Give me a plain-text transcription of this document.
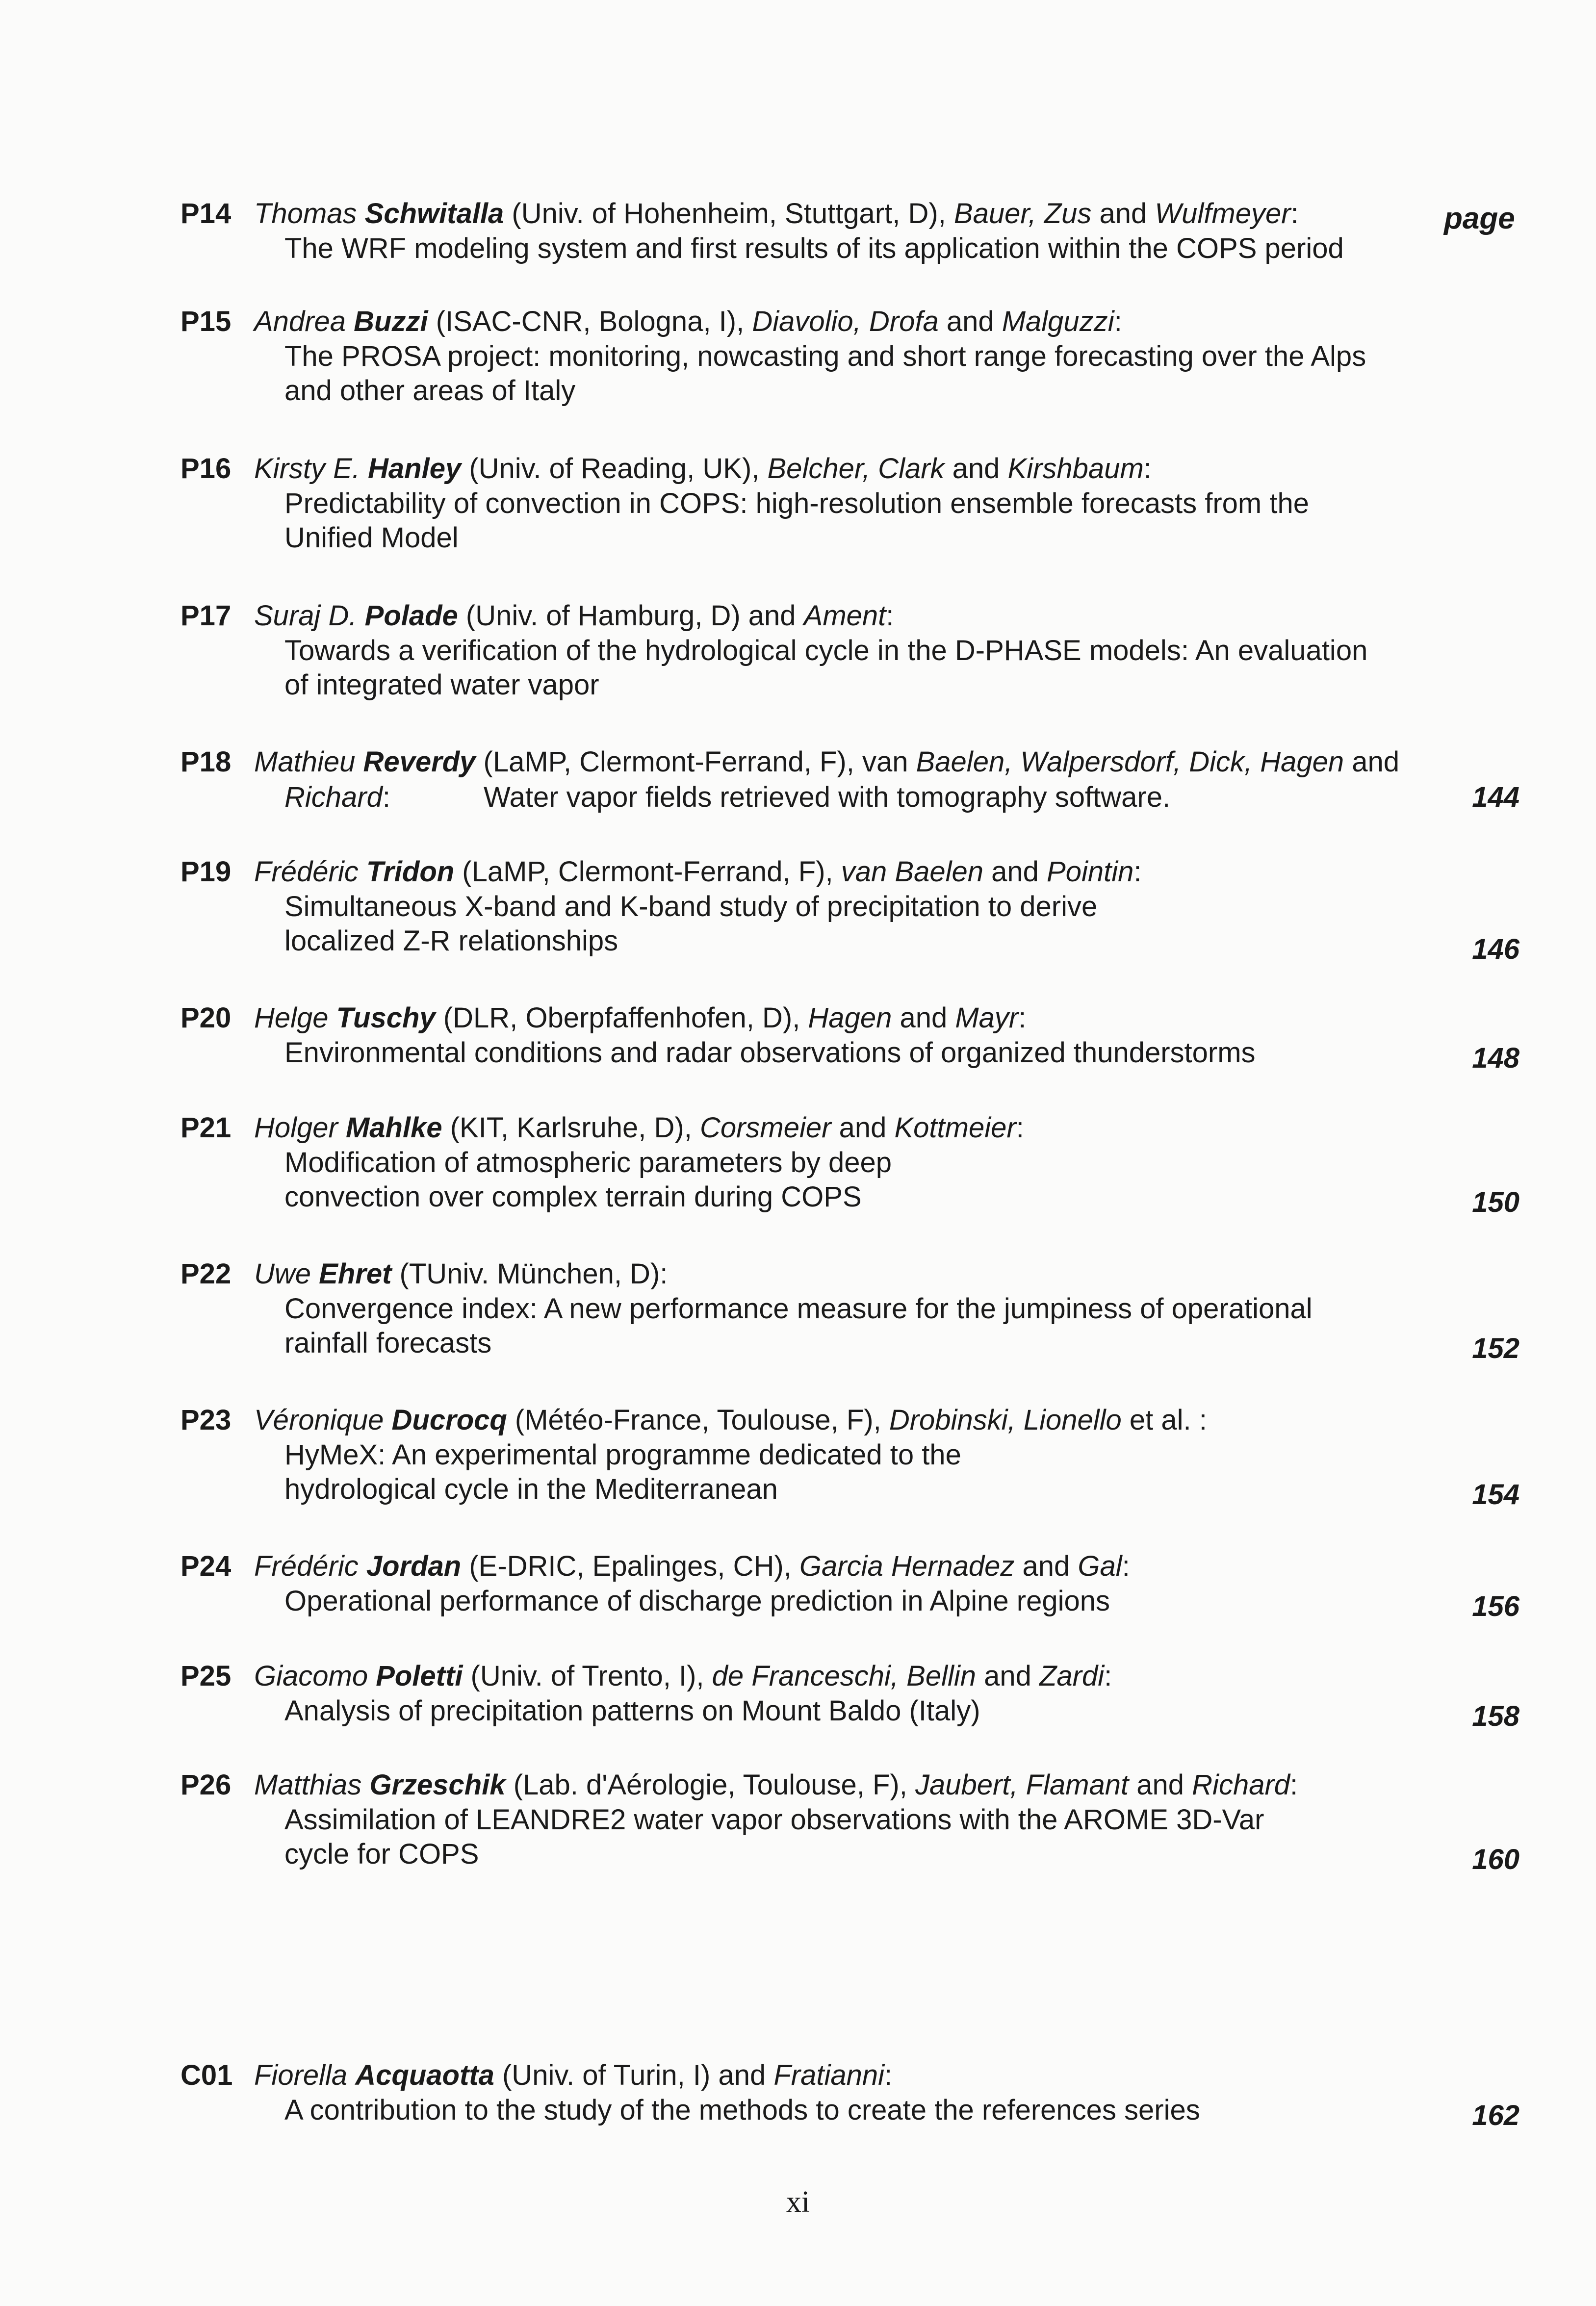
page
P14 Thomas Schwitalla (Univ. of Hohenheim, Stuttgart, D), Bauer, Zus and Wulfmeyer:
The WRF modeling system and first results of its application within the COPS period
P15 Andrea Buzzi (ISAC-CNR, Bologna, I), Diavolio, Drofa and Malguzzi:
The PROSA project: monitoring, nowcasting and short range forecasting over the Alps and other areas of Italy
P16 Kirsty E. Hanley (Univ. of Reading, UK), Belcher, Clark and Kirshbaum:
Predictability of convection in COPS: high-resolution ensemble forecasts from the Unified Model
P17 Suraj D. Polade (Univ. of Hamburg, D) and Ament:
Towards a verification of the hydrological cycle in the D-PHASE models: An evaluation of integrated water vapor
P18 Mathieu Reverdy (LaMP, Clermont-Ferrand, F), van Baelen, Walpersdorf, Dick, Hagen and
Richard:	Water vapor fields retrieved with tomography software.	144
P19 Frédéric Tridon (LaMP, Clermont-Ferrand, F), van Baelen and Pointin:
Simultaneous X-band and K-band study of precipitation to derive localized Z-R relationships	146
P20 Helge Tuschy (DLR, Oberpfaffenhofen, D), Hagen and Mayr:
Environmental conditions and radar observations of organized thunderstorms	148
P21 Holger Mahlke (KIT, Karlsruhe, D), Corsmeier and Kottmeier:
Modification of atmospheric parameters by deep convection over complex terrain during COPS	150
P22 Uwe Ehret (TUniv. München, D):
Convergence index: A new performance measure for the jumpiness of operational rainfall forecasts	152
P23 Véronique Ducrocq (Météo-France, Toulouse, F), Drobinski, Lionello et al. :
HyMeX: An experimental programme dedicated to the hydrological cycle in the Mediterranean	154
P24 Frédéric Jordan (E-DRIC, Epalinges, CH), Garcia Hernadez and Gal:
Operational performance of discharge prediction in Alpine regions	156
P25 Giacomo Poletti (Univ. of Trento, I), de Franceschi, Bellin and Zardi:
Analysis of precipitation patterns on Mount Baldo (Italy)	158
P26 Matthias Grzeschik (Lab. d'Aérologie, Toulouse, F), Jaubert, Flamant and Richard:
Assimilation of LEANDRE2 water vapor observations with the AROME 3D-Var cycle for COPS	160
C01 Fiorella Acquaotta (Univ. of Turin, I) and Fratianni:
A contribution to the study of the methods to create the references series	162
xi
